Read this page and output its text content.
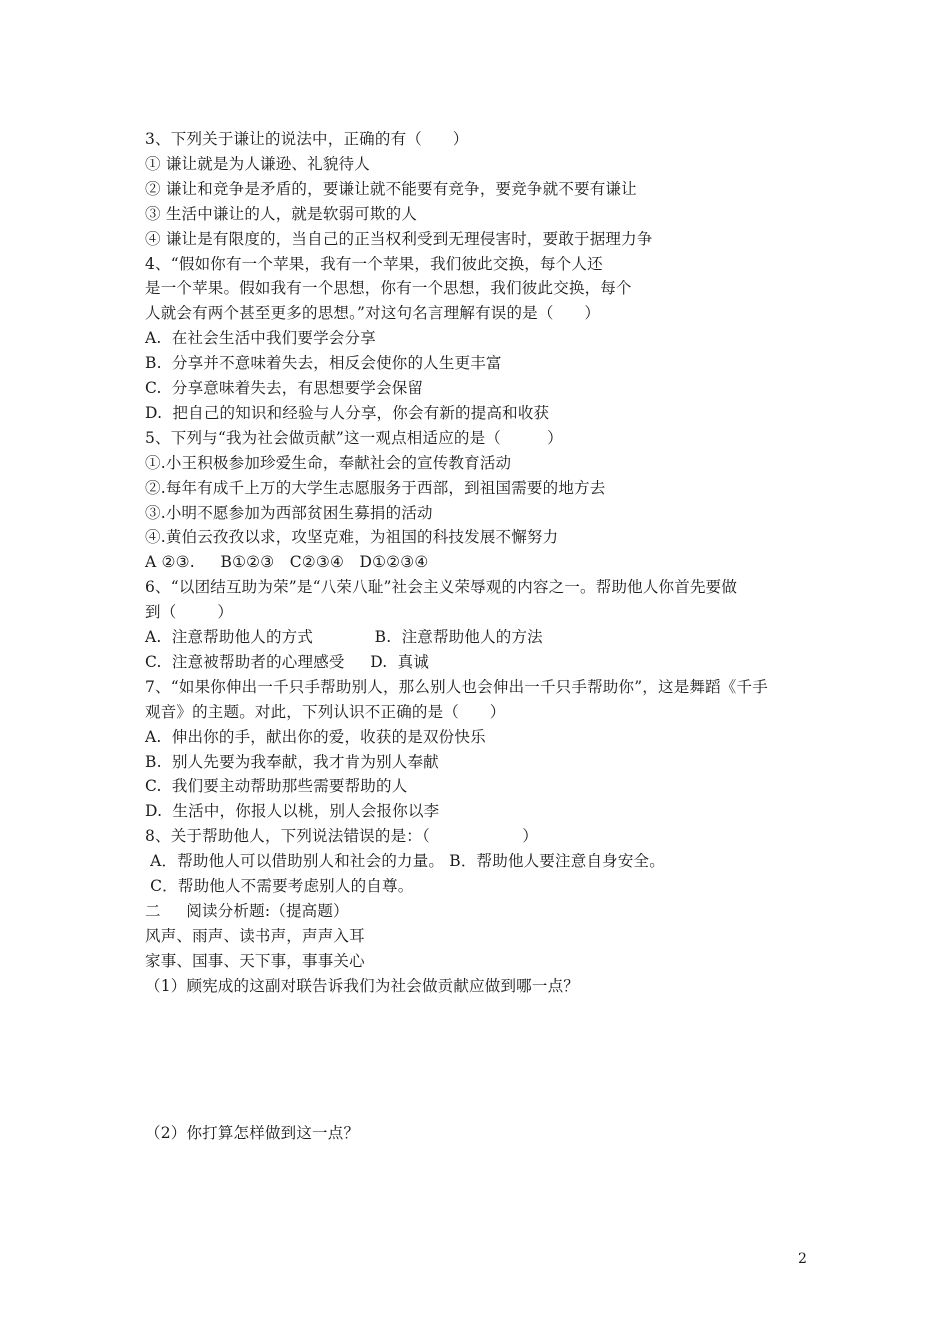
3、下列关于谦让的说法中，正确的有（      ）
① 谦让就是为人谦逊、礼貌待人
② 谦让和竞争是矛盾的，要谦让就不能要有竞争，要竞争就不要有谦让
③ 生活中谦让的人，就是软弱可欺的人
④ 谦让是有限度的，当自己的正当权利受到无理侵害时，要敢于据理力争
4、“假如你有一个苹果，我有一个苹果，我们彼此交换，每个人还
是一个苹果。假如我有一个思想，你有一个思想，我们彼此交换，每个
人就会有两个甚至更多的思想。”对这句名言理解有误的是（      ）
A.  在社会生活中我们要学会分享
B.  分享并不意味着失去，相反会使你的人生更丰富
C.  分享意味着失去，有思想要学会保留
D.  把自己的知识和经验与人分享，你会有新的提高和收获
5、下列与“我为社会做贡献”这一观点相适应的是（         ）
①.小王积极参加珍爱生命，奉献社会的宣传教育活动
②.每年有成千上万的大学生志愿服务于西部，到祖国需要的地方去
③.小明不愿参加为西部贫困生募捐的活动
④.黄伯云孜孜以求，攻坚克难，为祖国的科技发展不懈努力
A ②③.     B①②③   C②③④   D①②③④
6、“以团结互助为荣”是“八荣八耻”社会主义荣辱观的内容之一。帮助他人你首先要做
到（        ）
A.  注意帮助他人的方式            B.  注意帮助他人的方法
C.  注意被帮助者的心理感受     D.  真诚
7、“如果你伸出一千只手帮助别人，那么别人也会伸出一千只手帮助你”，这是舞蹈《千手
观音》的主题。对此，下列认识不正确的是（      ）
A.  伸出你的手，献出你的爱，收获的是双份快乐
B.  别人先要为我奉献，我才肯为别人奉献
C.  我们要主动帮助那些需要帮助的人
D.  生活中，你报人以桃，别人会报你以李
8、关于帮助他人，下列说法错误的是：（                  ）
A．帮助他人可以借助别人和社会的力量。 B．帮助他人要注意自身安全。
C．帮助他人不需要考虑别人的自尊。
二     阅读分析题:（提高题）
风声、雨声、读书声，声声入耳
家事、国事、天下事，事事关心
（1）顾宪成的这副对联告诉我们为社会做贡献应做到哪一点？
（2）你打算怎样做到这一点？
2
